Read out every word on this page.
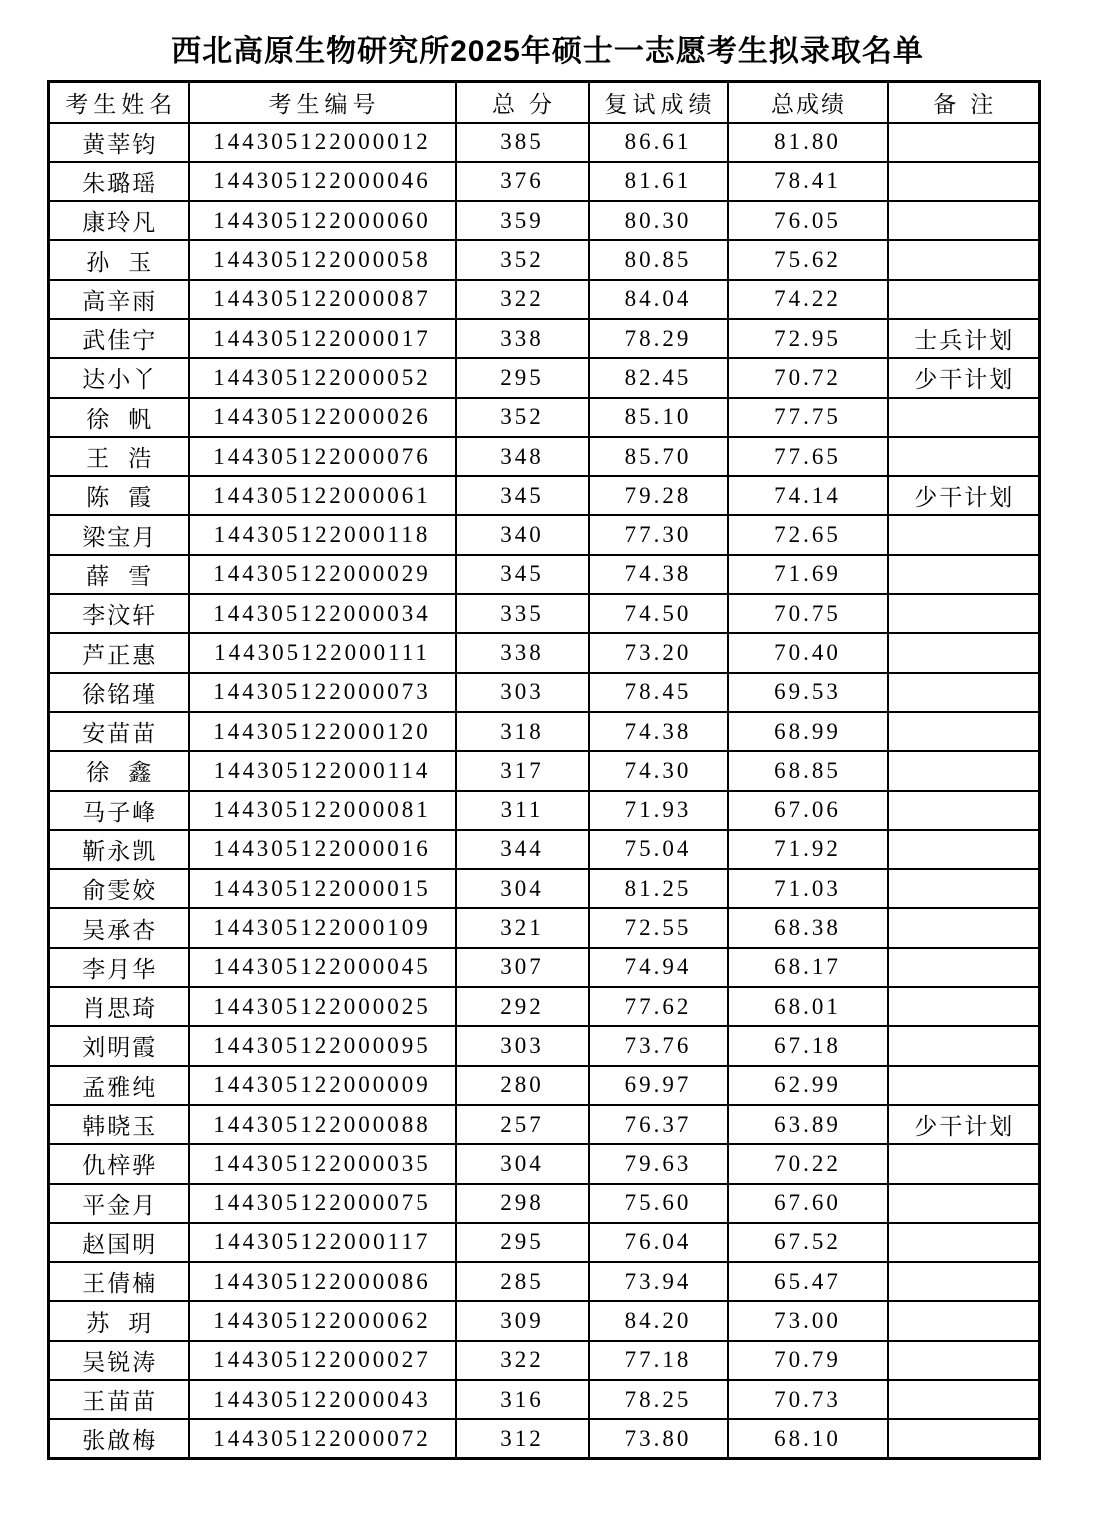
西北高原生物研究所2025年硕士一志愿考生拟录取名单
考生姓名	考生编号	总分	复试成绩	总成绩	备注
黄莘钧	144305122000012	385	86.61	81.80	
朱璐瑶	144305122000046	376	81.61	78.41	
康玲凡	144305122000060	359	80.30	76.05	
孙玉	144305122000058	352	80.85	75.62	
高辛雨	144305122000087	322	84.04	74.22	
武佳宁	144305122000017	338	78.29	72.95	士兵计划
达小丫	144305122000052	295	82.45	70.72	少干计划
徐帆	144305122000026	352	85.10	77.75	
王浩	144305122000076	348	85.70	77.65	
陈霞	144305122000061	345	79.28	74.14	少干计划
梁宝月	144305122000118	340	77.30	72.65	
薛雪	144305122000029	345	74.38	71.69	
李汶轩	144305122000034	335	74.50	70.75	
芦正惠	144305122000111	338	73.20	70.40	
徐铭瑾	144305122000073	303	78.45	69.53	
安苗苗	144305122000120	318	74.38	68.99	
徐鑫	144305122000114	317	74.30	68.85	
马子峰	144305122000081	311	71.93	67.06	
靳永凯	144305122000016	344	75.04	71.92	
俞雯姣	144305122000015	304	81.25	71.03	
吴承杏	144305122000109	321	72.55	68.38	
李月华	144305122000045	307	74.94	68.17	
肖思琦	144305122000025	292	77.62	68.01	
刘明霞	144305122000095	303	73.76	67.18	
孟雅纯	144305122000009	280	69.97	62.99	
韩晓玉	144305122000088	257	76.37	63.89	少干计划
仇梓骅	144305122000035	304	79.63	70.22	
平金月	144305122000075	298	75.60	67.60	
赵国明	144305122000117	295	76.04	67.52	
王倩楠	144305122000086	285	73.94	65.47	
苏玥	144305122000062	309	84.20	73.00	
吴锐涛	144305122000027	322	77.18	70.79	
王苗苗	144305122000043	316	78.25	70.73	
张啟梅	144305122000072	312	73.80	68.10	
